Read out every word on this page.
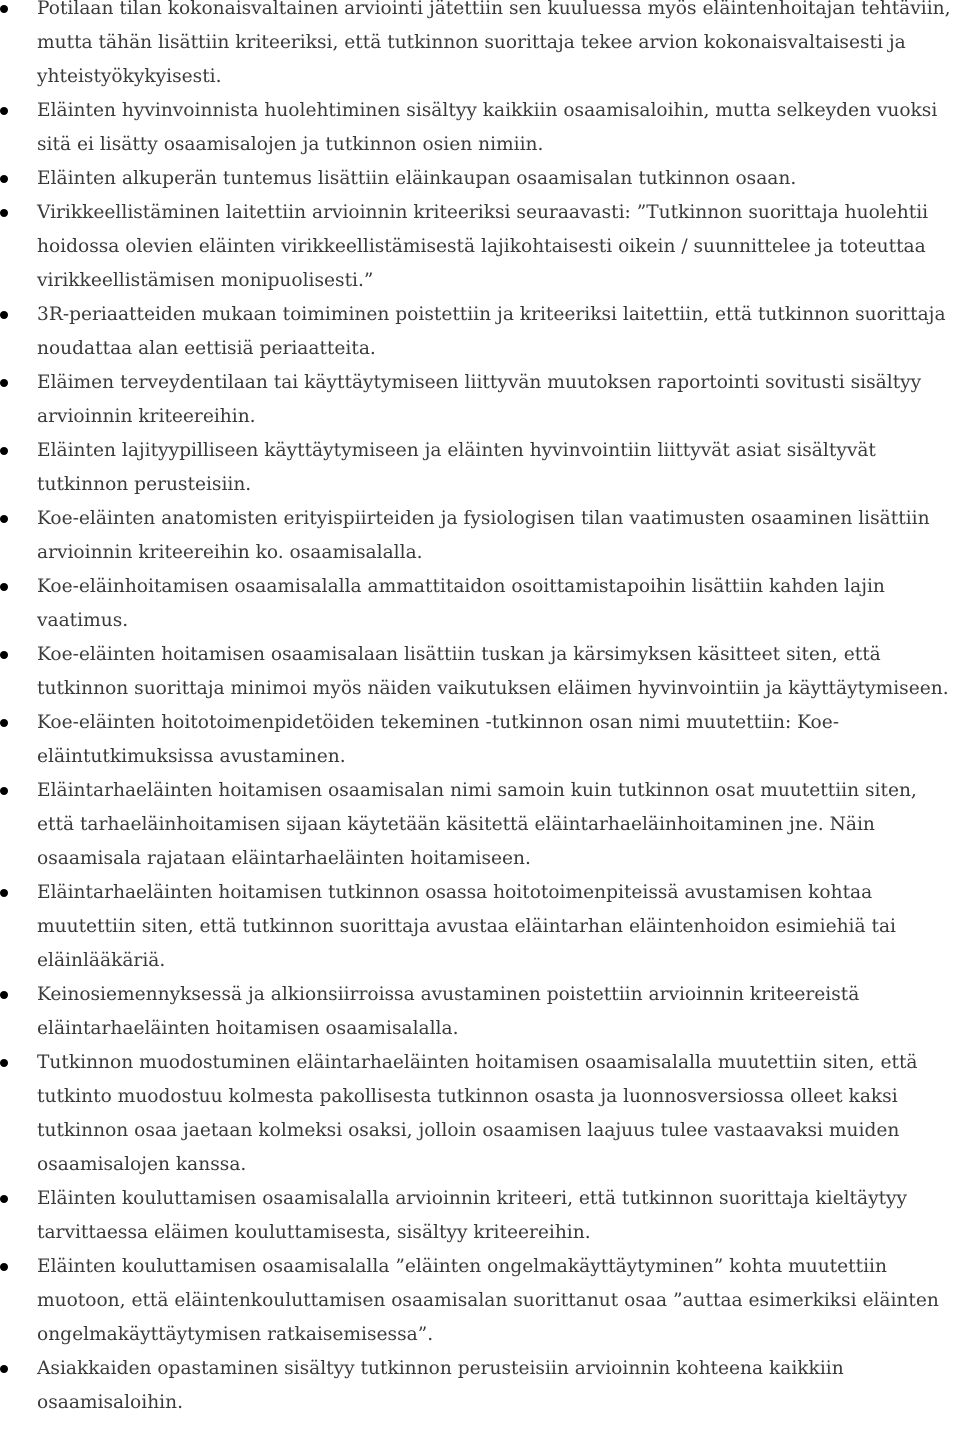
Potilaan tilan kokonaisvaltainen arviointi jätettiin sen kuuluessa myös eläintenhoitajan tehtäviin, mutta tähän lisättiin kriteeriksi, että tutkinnon suorittaja tekee arvion kokonaisvaltaisesti ja yhteistyökykyisesti.
Eläinten hyvinvoinnista huolehtiminen sisältyy kaikkiin osaamisaloihin, mutta selkeyden vuoksi sitä ei lisätty osaamisalojen ja tutkinnon osien nimiin.
Eläinten alkuperän tuntemus lisättiin eläinkaupan osaamisalan tutkinnon osaan.
Virikkeellistäminen laitettiin arvioinnin kriteeriksi seuraavasti: ”Tutkinnon suorittaja huolehtii hoidossa olevien eläinten virikkeellistämisestä lajikohtaisesti oikein / suunnittelee ja toteuttaa virikkeellistämisen monipuolisesti.”
3R-periaatteiden mukaan toimiminen poistettiin ja kriteeriksi laitettiin, että tutkinnon suorittaja noudattaa alan eettisiä periaatteita.
Eläimen terveydentilaan tai käyttäytymiseen liittyvän muutoksen raportointi sovitusti sisältyy arvioinnin kriteereihin.
Eläinten lajityypilliseen käyttäytymiseen ja eläinten hyvinvointiin liittyvät asiat sisältyvät tutkinnon perusteisiin.
Koe-eläinten anatomisten erityispiirteiden ja fysiologisen tilan vaatimusten osaaminen lisättiin arvioinnin kriteereihin ko. osaamisalalla.
Koe-eläinhoitamisen osaamisalalla ammattitaidon osoittamistapoihin lisättiin kahden lajin vaatimus.
Koe-eläinten hoitamisen osaamisalaan lisättiin tuskan ja kärsimyksen käsitteet siten, että tutkinnon suorittaja minimoi myös näiden vaikutuksen eläimen hyvinvointiin ja käyttäytymiseen.
Koe-eläinten hoitotoimenpidetöiden tekeminen -tutkinnon osan nimi muutettiin: Koe-eläintutkimuksissa avustaminen.
Eläintarhaeläinten hoitamisen osaamisalan nimi samoin kuin tutkinnon osat muutettiin siten, että tarhaeläinhoitamisen sijaan käytetään käsitettä eläintarhaeläinhoitaminen jne. Näin osaamisala rajataan eläintarhaeläinten hoitamiseen.
Eläintarhaeläinten hoitamisen tutkinnon osassa hoitotoimenpiteissä avustamisen kohtaa muutettiin siten, että tutkinnon suorittaja avustaa eläintarhan eläintenhoidon esimiehiä tai eläinlääkäriä.
Keinosiemennyksessä ja alkionsiirroissa avustaminen poistettiin arvioinnin kriteereistä eläintarhaeläinten hoitamisen osaamisalalla.
Tutkinnon muodostuminen eläintarhaeläinten hoitamisen osaamisalalla muutettiin siten, että tutkinto muodostuu kolmesta pakollisesta tutkinnon osasta ja luonnosversiossa olleet kaksi tutkinnon osaa jaetaan kolmeksi osaksi, jolloin osaamisen laajuus tulee vastaavaksi muiden osaamisalojen kanssa.
Eläinten kouluttamisen osaamisalalla arvioinnin kriteeri, että tutkinnon suorittaja kieltäytyy tarvittaessa eläimen kouluttamisesta, sisältyy kriteereihin.
Eläinten kouluttamisen osaamisalalla ”eläinten ongelmakäyttäytyminen” kohta muutettiin muotoon, että eläintenkouluttamisen osaamisalan suorittanut osaa ”auttaa esimerkiksi eläinten ongelmakäyttäytymisen ratkaisemisessa”.
Asiakkaiden opastaminen sisältyy tutkinnon perusteisiin arvioinnin kohteena kaikkiin osaamisaloihin.
